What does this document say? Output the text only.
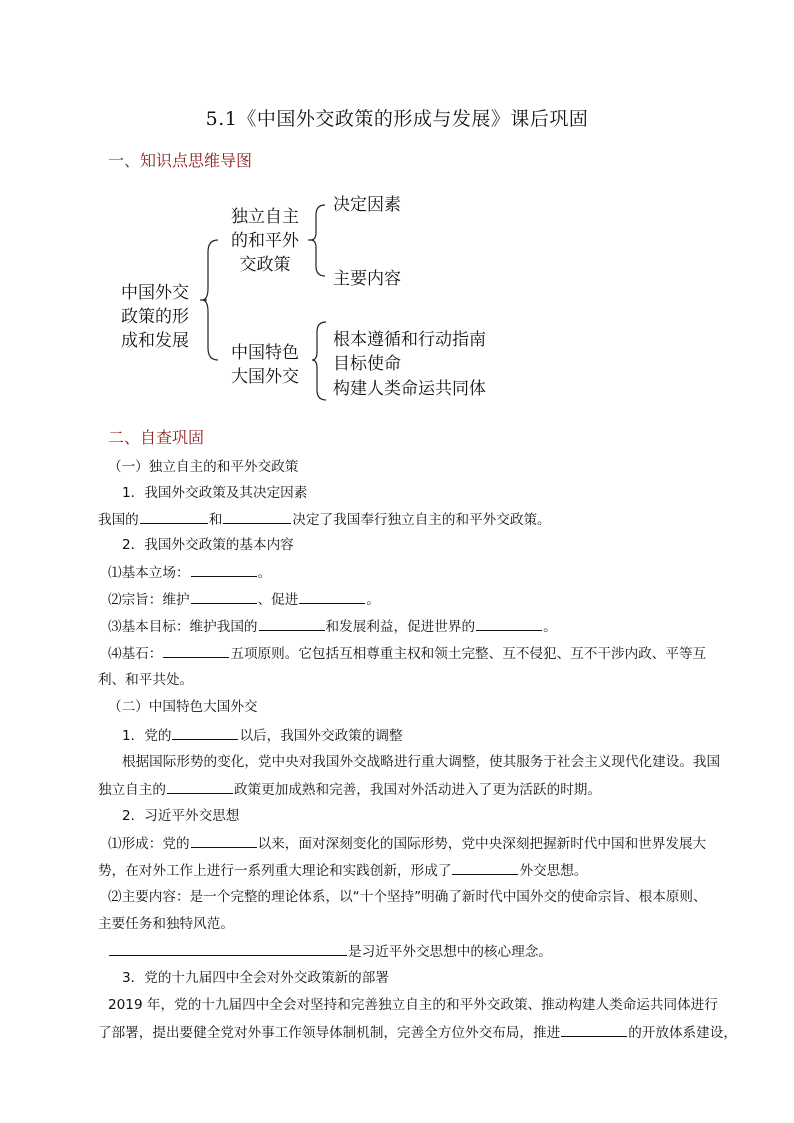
5.1《中国外交政策的形成与发展》课后巩固
一、知识点思维导图
中国外交
政策的形
成和发展
独立自主
的和平外
交政策
中国特色
大国外交
决定因素
主要内容
根本遵循和行动指南
目标使命
构建人类命运共同体
二、自查巩固
（一）独立自主的和平外交政策
1．我国外交政策及其决定因素
我国的	和	决定了我国奉行独立自主的和平外交政策。
2．我国外交政策的基本内容
⑴基本立场：	。
⑵宗旨：维护	、促进	。
⑶基本目标：维护我国的	和发展利益，促进世界的	。
⑷基石：	五项原则。它包括互相尊重主权和领土完整、互不侵犯、互不干涉内政、平等互
利、和平共处。
（二）中国特色大国外交
1．党的	以后，我国外交政策的调整
根据国际形势的变化，党中央对我国外交战略进行重大调整，使其服务于社会主义现代化建设。我国
独立自主的	政策更加成熟和完善，我国对外活动进入了更为活跃的时期。
2．习近平外交思想
⑴形成：党的	以来，面对深刻变化的国际形势，党中央深刻把握新时代中国和世界发展大
势，在对外工作上进行一系列重大理论和实践创新，形成了	外交思想。
⑵主要内容：是一个完整的理论体系，以“十个坚持”明确了新时代中国外交的使命宗旨、根本原则、
主要任务和独特风范。
是习近平外交思想中的核心理念。
3．党的十九届四中全会对外交政策新的部署
2019 年，党的十九届四中全会对坚持和完善独立自主的和平外交政策、推动构建人类命运共同体进行
了部署，提出要健全党对外事工作领导体制机制，完善全方位外交布局，推进	的开放体系建设，
